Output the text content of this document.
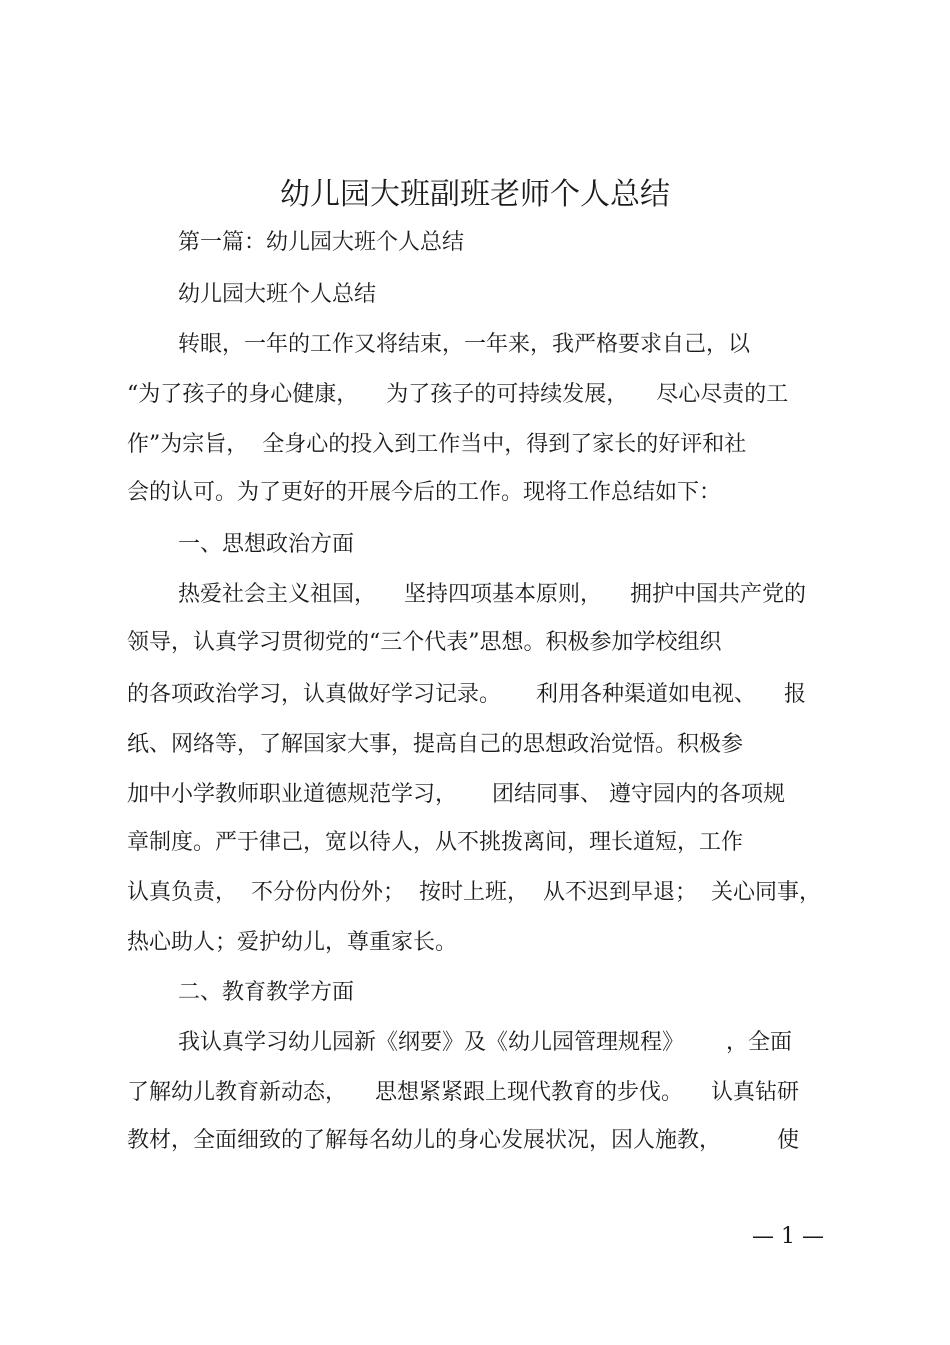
幼儿园大班副班老师个人总结
第一篇：幼儿园大班个人总结
幼儿园大班个人总结
转眼，一年的工作又将结束，一年来，我严格要求自己，以
“为了孩子的身心健康，    为了孩子的可持续发展，    尽心尽责的工
作”为宗旨，  全身心的投入到工作当中，得到了家长的好评和社
会的认可。为了更好的开展今后的工作。现将工作总结如下：
一、思想政治方面
热爱社会主义祖国，    坚持四项基本原则，    拥护中国共产党的
领导，认真学习贯彻党的“三个代表”思想。积极参加学校组织
的各项政治学习，认真做好学习记录。     利用各种渠道如电视、    报
纸、网络等，了解国家大事，提高自己的思想政治觉悟。积极参
加中小学教师职业道德规范学习，     团结同事、 遵守园内的各项规
章制度。严于律己，宽以待人，从不挑拨离间，理长道短，工作
认真负责，  不分份内份外；  按时上班，  从不迟到早退；  关心同事，
热心助人；爱护幼儿，尊重家长。
二、教育教学方面
我认真学习幼儿园新《纲要》及《幼儿园管理规程》      ，全面
了解幼儿教育新动态，    思想紧紧跟上现代教育的步伐。    认真钻研
教材，全面细致的了解每名幼儿的身心发展状况，因人施教，        使
— 1 —
